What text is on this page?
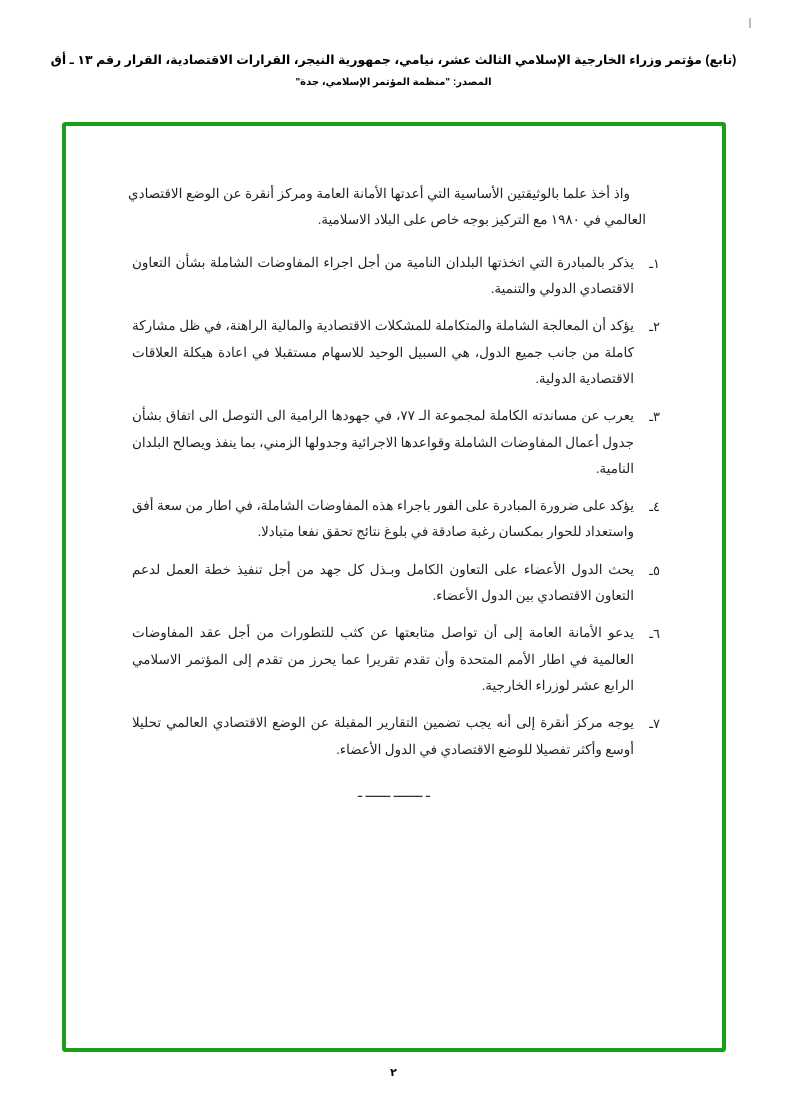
(تابع) مؤتمر وزراء الخارجية الإسلامي الثالث عشر، نيامي، جمهورية النيجر، القرارات الاقتصادية، القرار رقم ١٣ ـ أق
المصدر: "منظمة المؤتمر الإسلامي، جدة"
واذ أخذ علما بالوثيقتين الأساسية التي أعدتها الأمانة العامة ومركز أنقرة عن الوضع الاقتصادي العالمي في ١٩٨٠ مع التركيز بوجه خاص على البلاد الاسلامية.
١ـ
يذكر بالمبادرة التي اتخذتها البلدان النامية من أجل اجراء المفاوضات الشاملة بشأن التعاون الاقتصادي الدولي والتنمية.
٢ـ
يؤكد أن المعالجة الشاملة والمتكاملة للمشكلات الاقتصادية والمالية الراهنة، في ظل مشاركة كاملة من جانب جميع الدول، هي السبيل الوحيد للاسهام مستقبلا في اعادة هيكلة العلاقات الاقتصادية الدولية.
٣ـ
يعرب عن مساندته الكاملة لمجموعة الـ ٧٧، في جهودها الرامية الى التوصل الى اتفاق بشأن جدول أعمال المفاوضات الشاملة وقواعدها الاجرائية وجدولها الزمني، بما ينفذ ويصالح البلدان النامية.
٤ـ
يؤكد على ضرورة المبادرة على الفور باجراء هذه المفاوضات الشاملة، في اطار من سعة أفق واستعداد للحوار بمكسان رغبة صادقة في بلوغ نتائج تحقق نفعا متبادلا.
٥ـ
يحث الدول الأعضاء على التعاون الكامل وبـذل كل جهد من أجل تنفيذ خطة العمل لدعم التعاون الاقتصادي بين الدول الأعضاء.
٦ـ
يدعو الأمانة العامة إلى أن تواصل متابعتها عن كثب للتطورات من أجل عقد المفاوضات العالمية في اطار الأمم المتحدة وأن تقدم تقريرا عما يحرز من تقدم إلى المؤتمر الاسلامي الرابع عشر لوزراء الخارجية.
٧ـ
يوجه مركز أنقرة إلى أنه يجب تضمين التقارير المقبلة عن الوضع الاقتصادي العالمي تحليلا أوسع وأكثر تفصيلا للوضع الاقتصادي في الدول الأعضاء.
ـ ـــــــ ــــــ ـ
٢
